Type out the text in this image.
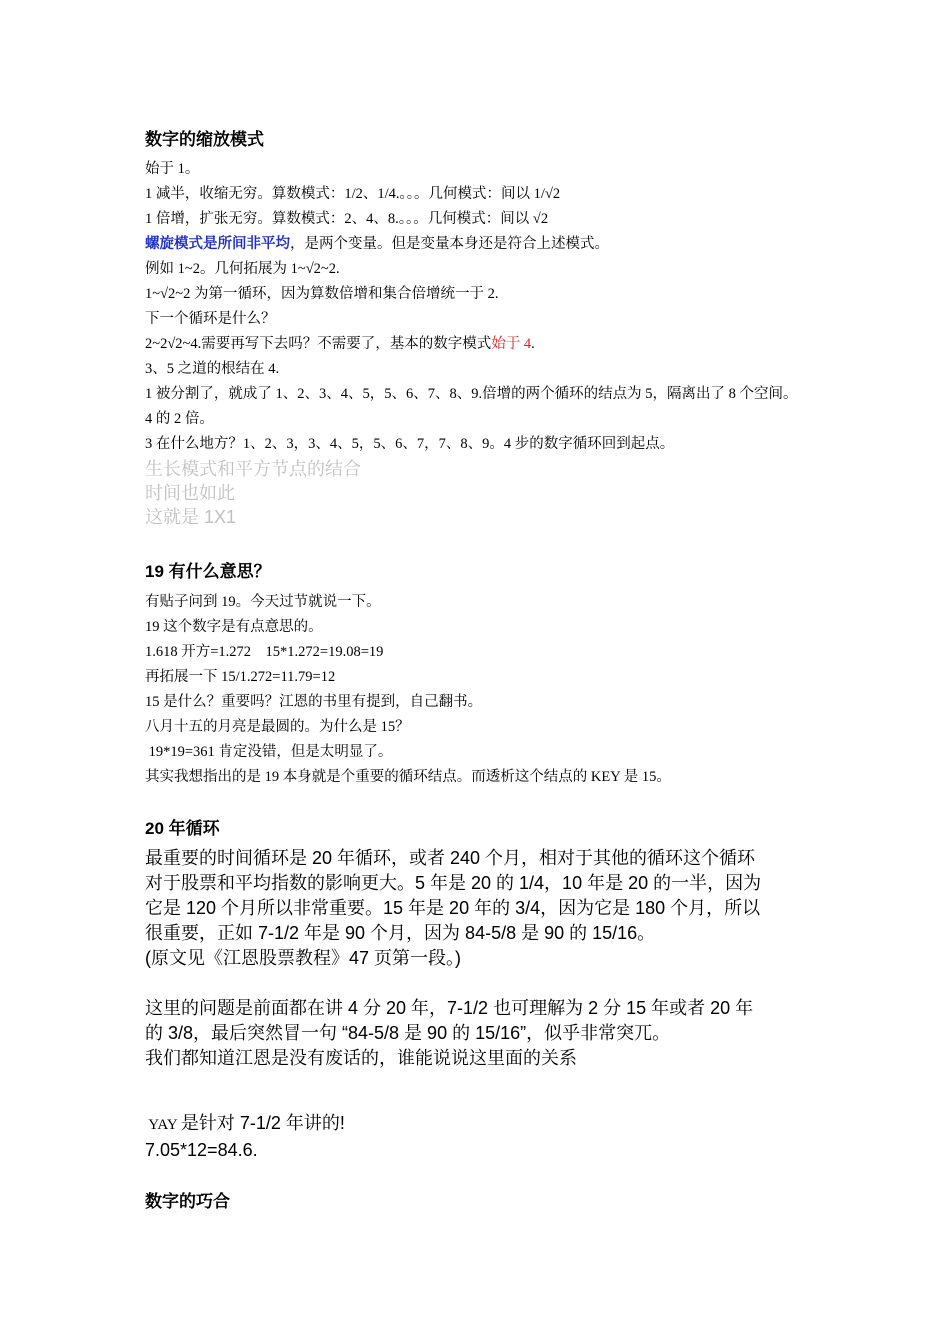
数字的缩放模式
始于 1。
1 减半，收缩无穷。算数模式：1/2、1/4.。。。几何模式：间以 1/√2
1 倍增，扩张无穷。算数模式：2、4、8.。。。几何模式：间以 √2
螺旋模式是所间非平均，是两个变量。但是变量本身还是符合上述模式。
例如 1~2。几何拓展为 1~√2~2.
1~√2~2 为第一循环，因为算数倍增和集合倍增统一于 2.
下一个循环是什么？
2~2√2~4.需要再写下去吗？不需要了，基本的数字模式始于 4.
3、5 之道的根结在 4.
1 被分割了，就成了 1、2、3、4、5，5、6、7、8、9.倍增的两个循环的结点为 5，隔离出了 8 个空间。
4 的 2 倍。
3 在什么地方？1、2、3，3、4、5，5、6、7，7、8、9。4 步的数字循环回到起点。
生长模式和平方节点的结合
时间也如此
这就是 1X1
19 有什么意思？
有贴子问到 19。今天过节就说一下。
19 这个数字是有点意思的。
1.618 开方=1.272    15*1.272=19.08=19
再拓展一下 15/1.272=11.79=12
15 是什么？重要吗？江恩的书里有提到，自己翻书。
八月十五的月亮是最圆的。为什么是 15？
19*19=361 肯定没错，但是太明显了。
其实我想指出的是 19 本身就是个重要的循环结点。而透析这个结点的 KEY 是 15。
20 年循环
最重要的时间循环是 20 年循环，或者 240 个月，相对于其他的循环这个循环
对于股票和平均指数的影响更大。5 年是 20 的 1/4，10 年是 20 的一半，因为
它是 120 个月所以非常重要。15 年是 20 年的 3/4，因为它是 180 个月，所以
很重要，正如 7-1/2 年是 90 个月，因为 84-5/8 是 90 的 15/16。
(原文见《江恩股票教程》47 页第一段。)
这里的问题是前面都在讲 4 分 20 年，7-1/2 也可理解为 2 分 15 年或者 20 年
的 3/8，最后突然冒一句 “84-5/8 是 90 的 15/16”，似乎非常突兀。
我们都知道江恩是没有废话的，谁能说说这里面的关系
YAY 是针对 7-1/2 年讲的!
7.05*12=84.6.
数字的巧合
